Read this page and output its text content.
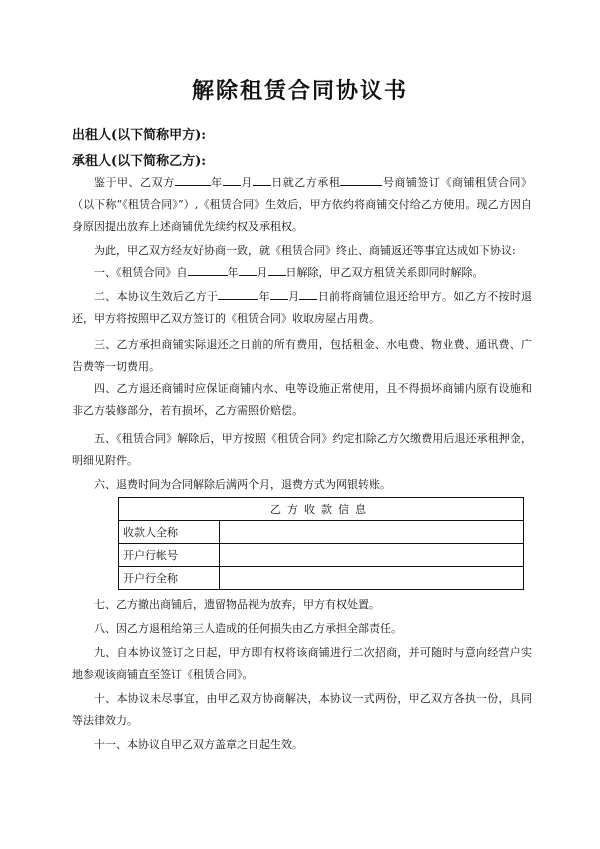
解除租赁合同协议书
出租人(以下简称甲方):
承租人(以下简称乙方):
鉴于甲、乙双方	年 月 日就乙方承租	号商铺签订《商铺租赁合同》（以下称“《租赁合同》”）,《租赁合同》生效后，甲方依约将商铺交付给乙方使用。现乙方因自身原因提出放弃上述商铺优先续约权及承租权。
为此，甲乙双方经友好协商一致，就《租赁合同》终止、商铺返还等事宜达成如下协议:
一、《租赁合同》自	年 月 日解除，甲乙双方租赁关系即同时解除。
二、本协议生效后乙方于	年 月 日前将商铺位退还给甲方。如乙方不按时退还，甲方将按照甲乙双方签订的《租赁合同》收取房屋占用费。
三、乙方承担商铺实际退还之日前的所有费用，包括租金、水电费、物业费、通讯费、广告费等一切费用。
四、乙方退还商铺时应保证商铺内水、电等设施正常使用，且不得损坏商铺内原有设施和非乙方装修部分，若有损坏，乙方需照价赔偿。
五、《租赁合同》解除后，甲方按照《租赁合同》约定扣除乙方欠缴费用后退还承租押金，明细见附件。
六、退费时间为合同解除后满两个月，退费方式为网银转账。
乙方收款信息	
收款人全称	
开户行帐号	
开户行全称	
七、乙方撤出商铺后，遗留物品视为放弃，甲方有权处置。
八、因乙方退租给第三人造成的任何损失由乙方承担全部责任。
九、自本协议签订之日起，甲方即有权将该商铺进行二次招商，并可随时与意向经营户实地参观该商铺直至签订《租赁合同》。
十、本协议未尽事宜，由甲乙双方协商解决，本协议一式两份，甲乙双方各执一份，具同等法律效力。
十一、本协议自甲乙双方盖章之日起生效。
